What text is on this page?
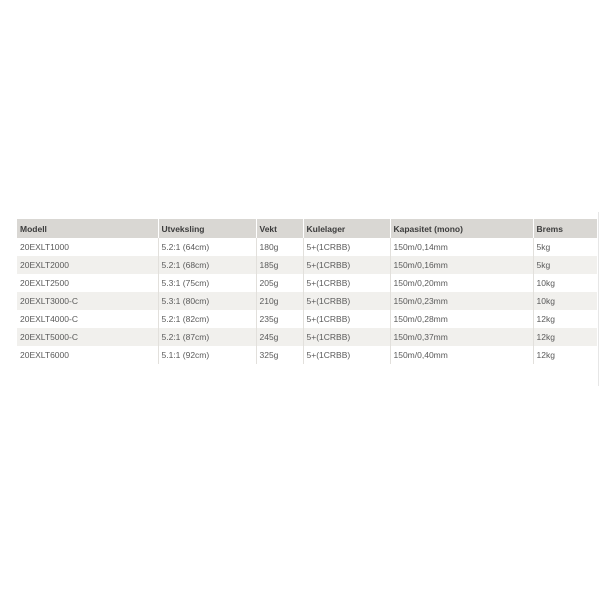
Modell	Utveksling	Vekt	Kulelager	Kapasitet (mono)	Brems
20EXLT1000	5.2:1 (64cm)	180g	5+(1CRBB)	150m/0,14mm	5kg
20EXLT2000	5.2:1 (68cm)	185g	5+(1CRBB)	150m/0,16mm	5kg
20EXLT2500	5.3:1 (75cm)	205g	5+(1CRBB)	150m/0,20mm	10kg
20EXLT3000-C	5.3:1 (80cm)	210g	5+(1CRBB)	150m/0,23mm	10kg
20EXLT4000-C	5.2:1 (82cm)	235g	5+(1CRBB)	150m/0,28mm	12kg
20EXLT5000-C	5.2:1 (87cm)	245g	5+(1CRBB)	150m/0,37mm	12kg
20EXLT6000	5.1:1 (92cm)	325g	5+(1CRBB)	150m/0,40mm	12kg
